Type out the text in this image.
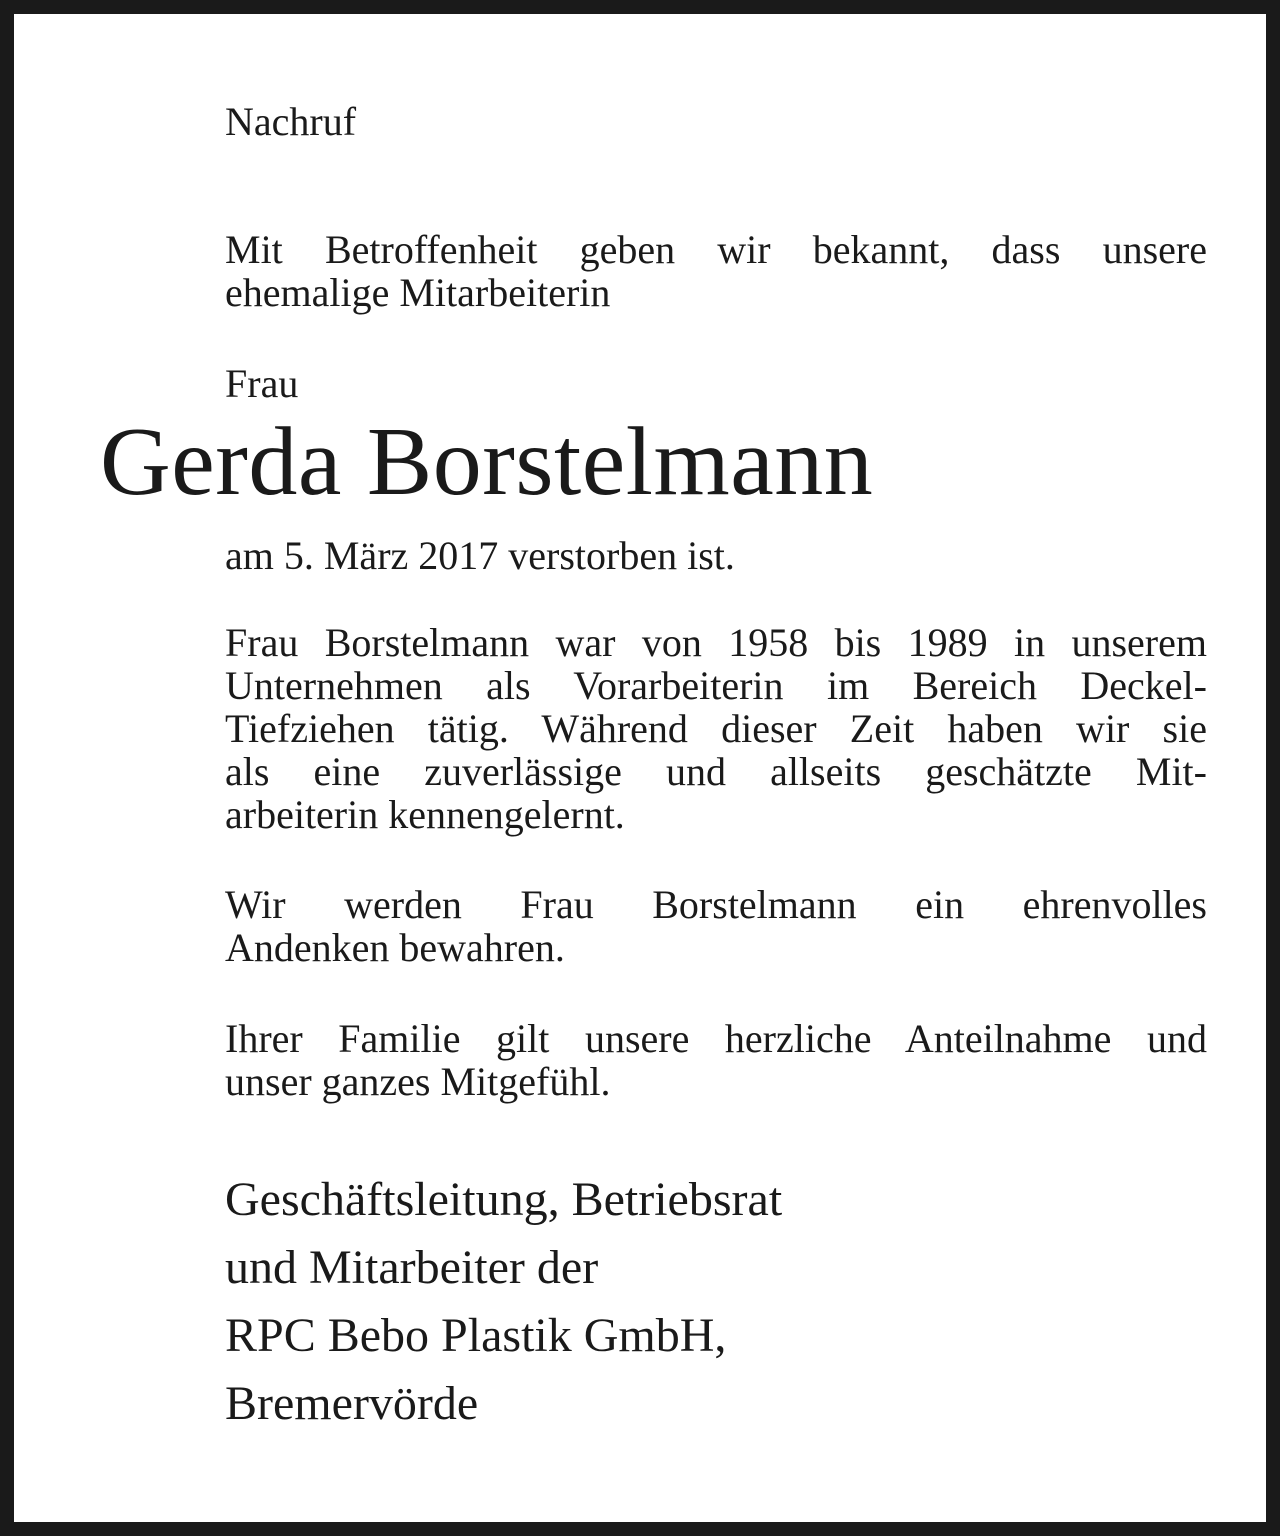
Nachruf

Mit Betroffenheit geben wir bekannt, dass unsere
ehemalige Mitarbeiterin

Frau

Gerda Borstelmann

am 5. März 2017 verstorben ist.

Frau Borstelmann war von 1958 bis 1989 in unserem
Unternehmen als Vorarbeiterin im Bereich Deckel-
Tiefziehen tätig. Während dieser Zeit haben wir sie
als eine zuverlässige und allseits geschätzte Mit-
arbeiterin kennengelernt.

Wir werden Frau Borstelmann ein ehrenvolles
Andenken bewahren.

Ihrer Familie gilt unsere herzliche Anteilnahme und
unser ganzes Mitgefühl.

Geschäftsleitung, Betriebsrat
und Mitarbeiter der
RPC Bebo Plastik GmbH,
Bremervörde
